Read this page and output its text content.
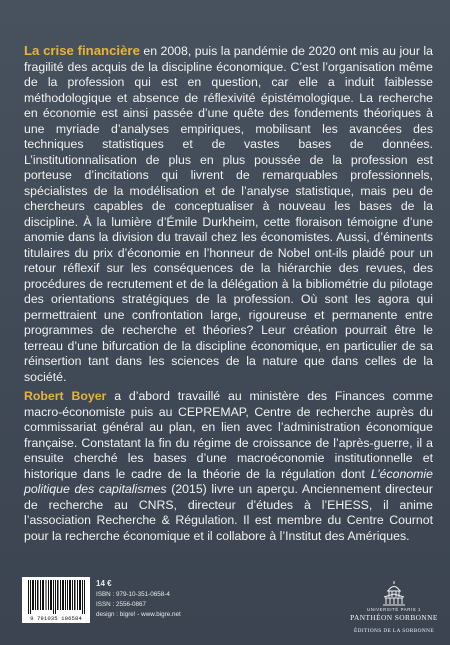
La crise financière en 2008, puis la pandémie de 2020 ont mis au jour la fragilité des acquis de la discipline économique. C’est l’organisation même de la profession qui est en question, car elle a induit faiblesse méthodologique et absence de réflexivité épistémologique. La recherche en économie est ainsi passée d’une quête des fondements théoriques à une myriade d’analyses empiriques, mobilisant les avancées des techniques statistiques et de vastes bases de données. L’institutionnalisation de plus en plus poussée de la profession est porteuse d’incitations qui livrent de remarquables professionnels, spécialistes de la modélisation et de l’analyse statistique, mais peu de chercheurs capables de conceptualiser à nouveau les bases de la discipline. À la lumière d’Émile Durkheim, cette floraison témoigne d’une anomie dans la division du travail chez les économistes. Aussi, d’éminents titulaires du prix d’économie en l’honneur de Nobel ont-ils plaidé pour un retour réflexif sur les conséquences de la hiérarchie des revues, des procédures de recrutement et de la délégation à la bibliométrie du pilotage des orientations stratégiques de la profession. Où sont les agora qui permettraient une confrontation large, rigoureuse et permanente entre programmes de recherche et théories? Leur création pourrait être le terreau d’une bifurcation de la discipline économique, en particulier de sa réinsertion tant dans les sciences de la nature que dans celles de la société.

Robert Boyer a d’abord travaillé au ministère des Finances comme macro-économiste puis au CEPREMAP, Centre de recherche auprès du commissariat général au plan, en lien avec l’administration économique française. Constatant la fin du régime de croissance de l’après-guerre, il a ensuite cherché les bases d’une macroéconomie institutionnelle et historique dans le cadre de la théorie de la régulation dont L’économie politique des capitalismes (2015) livre un aperçu. Anciennement directeur de recherche au CNRS, directeur d’études à l’EHESS, il anime l’association Recherche & Régulation. Il est membre du Centre Cournot pour la recherche économique et il collabore à l’Institut des Amériques.

9 791035 106584
14 €
ISBN : 979-10-351-0658-4
ISSN : 2556-0867
design : bigre! - www.bigre.net
UNIVERSITÉ PARIS 1
PANTHÉON SORBONNE
ÉDITIONS DE LA SORBONNE
